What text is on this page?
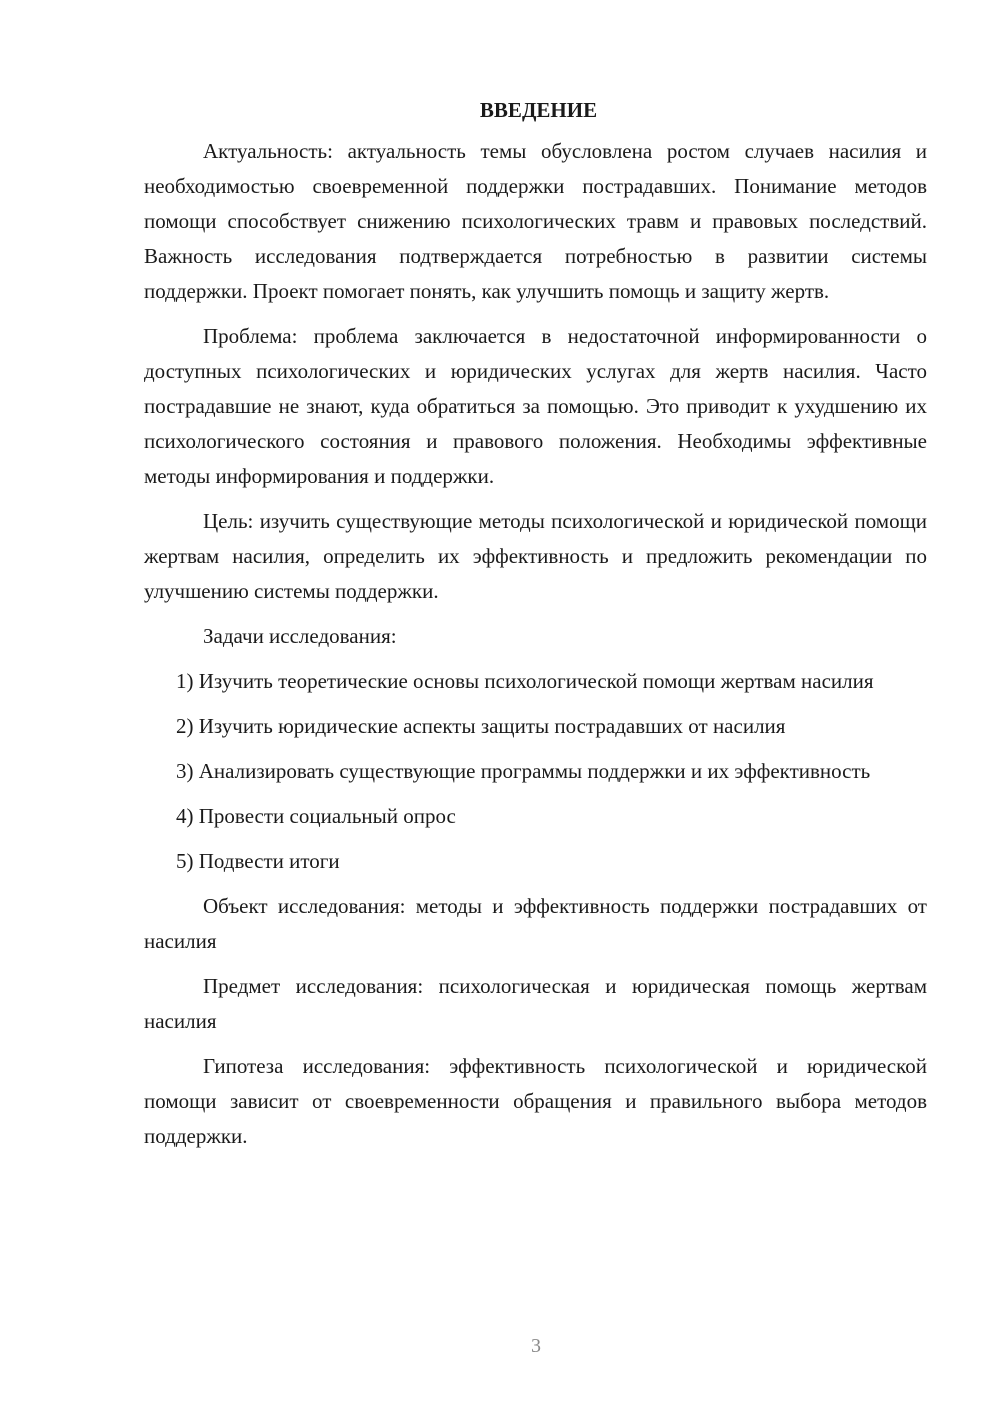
ВВЕДЕНИЕ

Актуальность: актуальность темы обусловлена ростом случаев насилия и необходимостью своевременной поддержки пострадавших. Понимание методов помощи способствует снижению психологических травм и правовых последствий. Важность исследования подтверждается потребностью в развитии системы поддержки. Проект помогает понять, как улучшить помощь и защиту жертв.

Проблема: проблема заключается в недостаточной информированности о доступных психологических и юридических услугах для жертв насилия. Часто пострадавшие не знают, куда обратиться за помощью. Это приводит к ухудшению их психологического состояния и правового положения. Необходимы эффективные методы информирования и поддержки.

Цель: изучить существующие методы психологической и юридической помощи жертвам насилия, определить их эффективность и предложить рекомендации по улучшению системы поддержки.

Задачи исследования:

1) Изучить теоретические основы психологической помощи жертвам насилия

2) Изучить юридические аспекты защиты пострадавших от насилия

3) Анализировать существующие программы поддержки и их эффективность

4) Провести социальный опрос

5) Подвести итоги

Объект исследования: методы и эффективность поддержки пострадавших от насилия

Предмет исследования: психологическая и юридическая помощь жертвам насилия

Гипотеза исследования: эффективность психологической и юридической помощи зависит от своевременности обращения и правильного выбора методов поддержки.

3
